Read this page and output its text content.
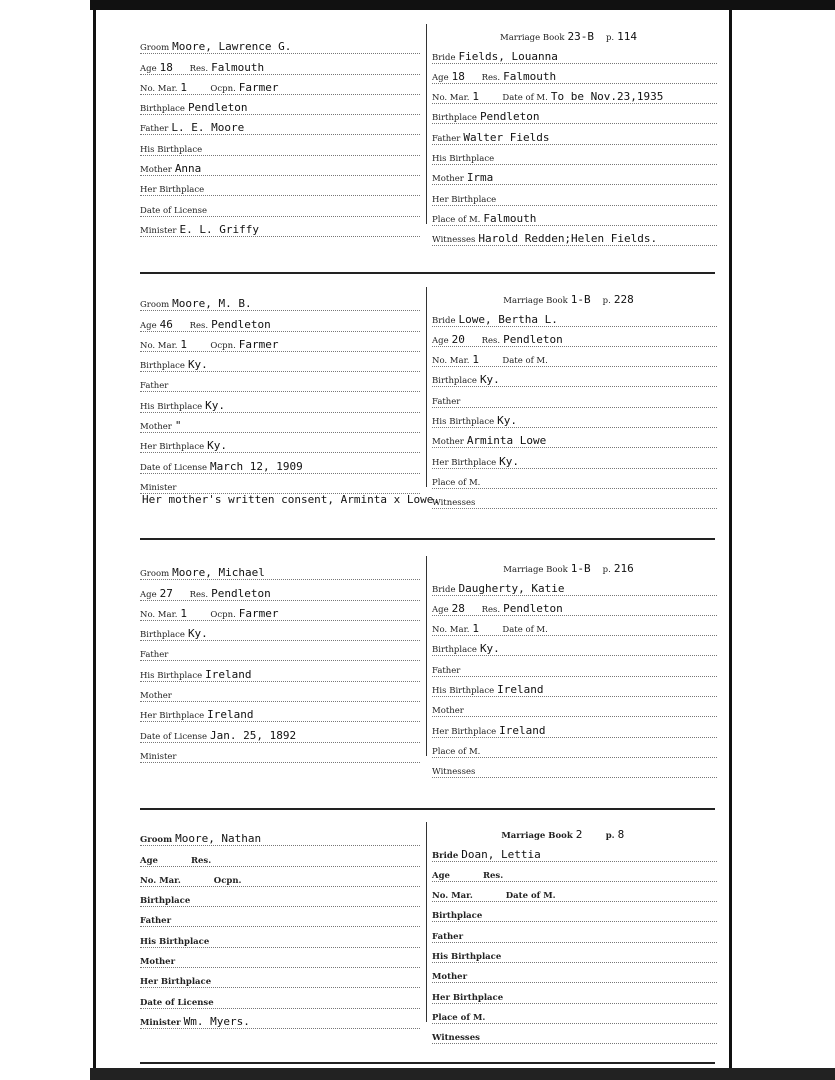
Groom Moore, Lawrence G.
Age 18	Res. Falmouth
No. Mar. 1	Ocpn. Farmer
Birthplace Pendleton
Father L. E. Moore
His Birthplace
Mother Anna
Her Birthplace
Date of License
Minister E. L. Griffy
Marriage Book 23-B p. 114
Bride Fields, Louanna
Age 18	Res. Falmouth
No. Mar. 1	Date of M. To be Nov.23,1935
Birthplace Pendleton
Father Walter Fields
His Birthplace
Mother Irma
Her Birthplace
Place of M. Falmouth
Witnesses Harold Redden;Helen Fields.
Groom Moore, M. B.
Age 46	Res. Pendleton
No. Mar. 1	Ocpn. Farmer
Birthplace Ky.
Father
His Birthplace Ky.
Mother "
Her Birthplace Ky.
Date of License March 12, 1909
Minister
Marriage Book 1-B p. 228
Bride Lowe, Bertha L.
Age 20	Res. Pendleton
No. Mar. 1	Date of M.
Birthplace Ky.
Father
His Birthplace Ky.
Mother Arminta Lowe
Her Birthplace Ky.
Place of M.
Witnesses
Her mother's written consent, Arminta x Lowe.
Groom Moore, Michael
Age 27	Res. Pendleton
No. Mar. 1	Ocpn. Farmer
Birthplace Ky.
Father
His Birthplace Ireland
Mother
Her Birthplace Ireland
Date of License Jan. 25, 1892
Minister
Marriage Book 1-B p. 216
Bride Daugherty, Katie
Age 28	Res. Pendleton
No. Mar. 1	Date of M.
Birthplace Ky.
Father
His Birthplace Ireland
Mother
Her Birthplace Ireland
Place of M.
Witnesses
Groom Moore, Nathan
Age	Res.
No. Mar.	Ocpn.
Birthplace
Father
His Birthplace
Mother
Her Birthplace
Date of License
Minister Wm. Myers.
Marriage Book 2	p. 8
Bride Doan, Lettia
Age	Res.
No. Mar.	Date of M.
Birthplace
Father
His Birthplace
Mother
Her Birthplace
Place of M.
Witnesses
